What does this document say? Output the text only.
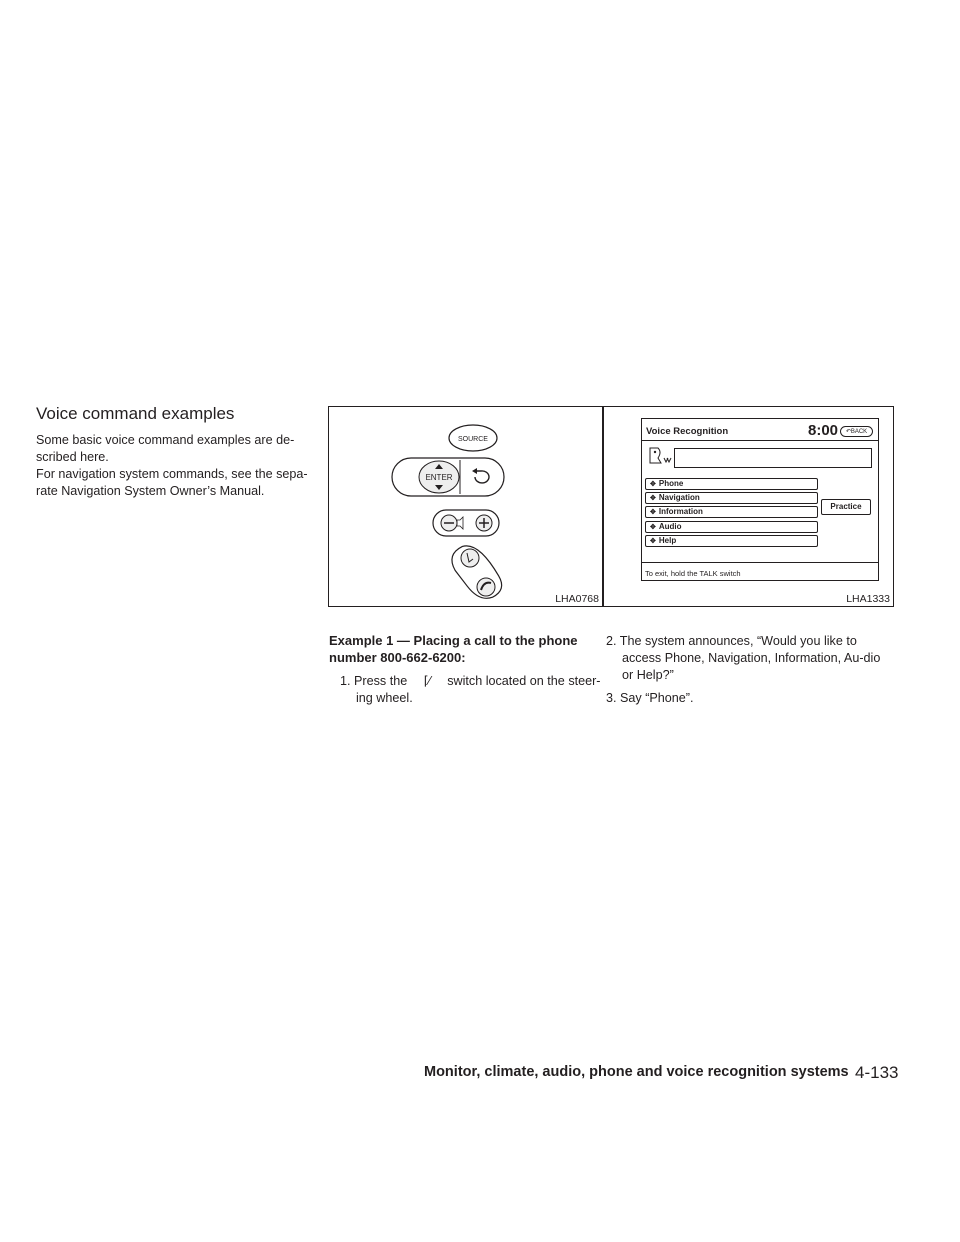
Voice command examples

Some basic voice command examples are de-scribed here.

For navigation system commands, see the sepa-rate Navigation System Owner’s Manual.

SOURCE
ENTER
LHA0768	LHA1333
Voice Recognition	8:00	↶BACK
✥ Phone
✥ Navigation
✥ Information
✥ Audio
✥ Help
Practice
To exit, hold the TALK switch
Example 1 — Placing a call to the phone number 800-662-6200:
1. Press the ⌈⁄ switch located on the steer-
ing wheel.
2. The system announces, “Would you like to access Phone, Navigation, Information, Au-dio or Help?”
3. Say “Phone”.
Monitor, climate, audio, phone and voice recognition systems 4-133
